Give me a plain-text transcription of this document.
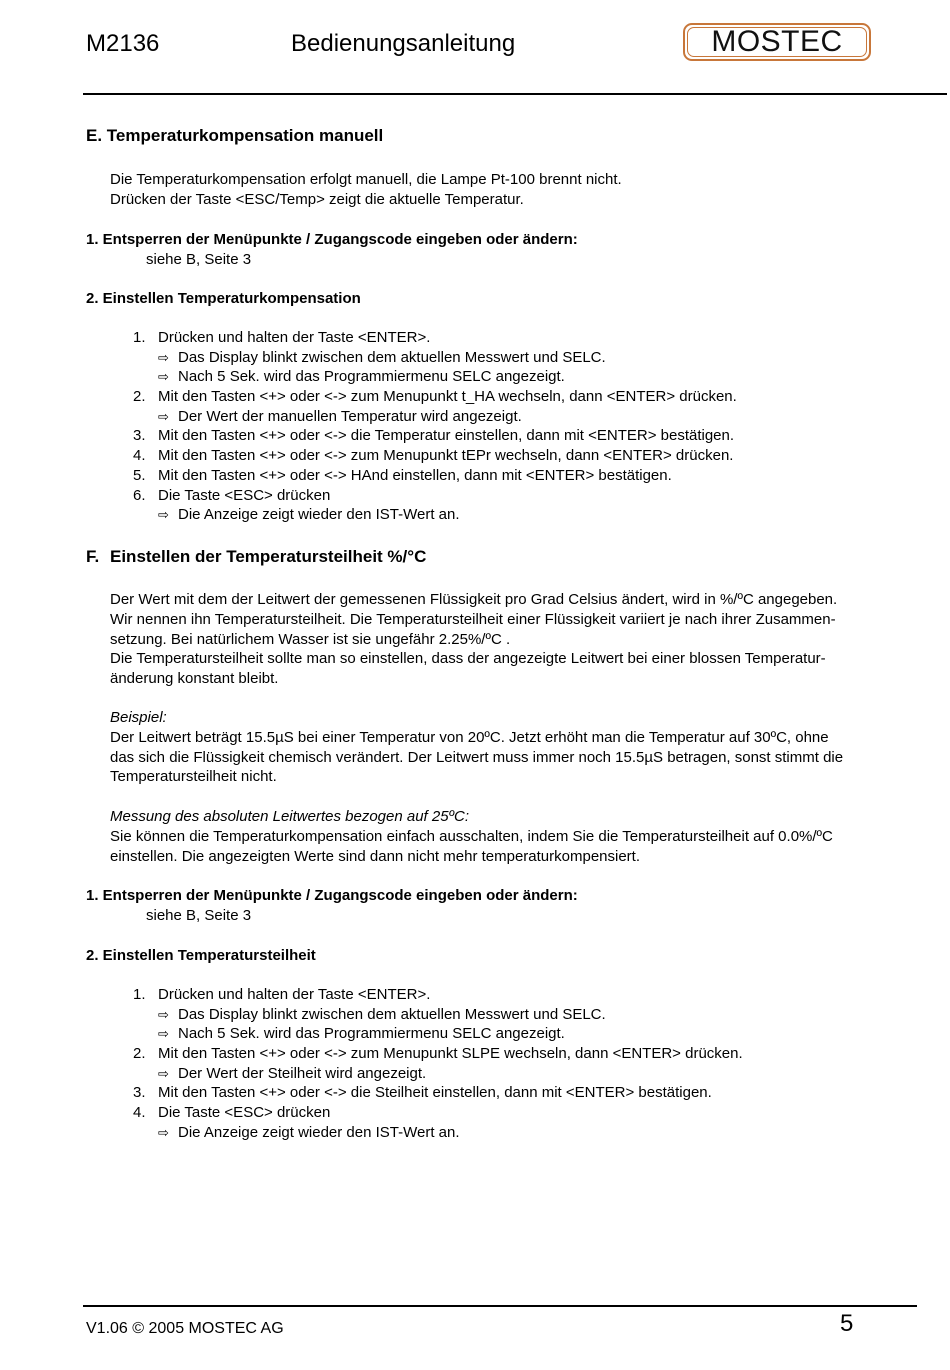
M2136	Bedienungsanleitung	MOSTEC
E. Temperaturkompensation manuell
Die Temperaturkompensation erfolgt manuell, die Lampe Pt-100 brennt nicht.
Drücken der Taste <ESC/Temp> zeigt die aktuelle Temperatur.
1. Entsperren der Menüpunkte / Zugangscode eingeben oder ändern:
siehe B, Seite 3
2. Einstellen Temperaturkompensation
1. Drücken und halten der Taste <ENTER>.
⇨ Das Display blinkt zwischen dem aktuellen Messwert und SELC.
⇨ Nach 5 Sek. wird das Programmiermenu SELC angezeigt.
2. Mit den Tasten <+> oder <-> zum Menupunkt t_HA wechseln, dann <ENTER> drücken.
⇨ Der Wert der manuellen Temperatur wird angezeigt.
3. Mit den Tasten <+> oder <-> die Temperatur einstellen, dann mit <ENTER> bestätigen.
4. Mit den Tasten <+> oder <-> zum Menupunkt tEPr wechseln, dann <ENTER> drücken.
5. Mit den Tasten <+> oder <-> HAnd einstellen, dann mit <ENTER> bestätigen.
6. Die Taste <ESC> drücken
⇨ Die Anzeige zeigt wieder den IST-Wert an.
F. Einstellen der Temperatursteilheit %/°C
Der Wert mit dem der Leitwert der gemessenen Flüssigkeit pro Grad Celsius ändert, wird in %/ºC angegeben.
Wir nennen ihn Temperatursteilheit. Die Temperatursteilheit einer Flüssigkeit variiert je nach ihrer Zusammen-
setzung. Bei natürlichem Wasser ist sie ungefähr 2.25%/ºC .
Die Temperatursteilheit sollte man so einstellen, dass der angezeigte Leitwert bei einer blossen Temperatur-
änderung konstant bleibt.
Beispiel:
Der Leitwert beträgt 15.5µS bei einer Temperatur von 20ºC. Jetzt erhöht man die Temperatur auf 30ºC, ohne
das sich die Flüssigkeit chemisch verändert. Der Leitwert muss immer noch 15.5µS betragen, sonst stimmt die
Temperatursteilheit nicht.
Messung des absoluten Leitwertes bezogen auf 25ºC:
Sie können die Temperaturkompensation einfach ausschalten, indem Sie die Temperatursteilheit auf 0.0%/ºC
einstellen. Die angezeigten Werte sind dann nicht mehr temperaturkompensiert.
1. Entsperren der Menüpunkte / Zugangscode eingeben oder ändern:
siehe B, Seite 3
2. Einstellen Temperatursteilheit
1. Drücken und halten der Taste <ENTER>.
⇨ Das Display blinkt zwischen dem aktuellen Messwert und SELC.
⇨ Nach 5 Sek. wird das Programmiermenu SELC angezeigt.
2. Mit den Tasten <+> oder <-> zum Menupunkt SLPE wechseln, dann <ENTER> drücken.
⇨ Der Wert der Steilheit wird angezeigt.
3. Mit den Tasten <+> oder <-> die Steilheit einstellen, dann mit <ENTER> bestätigen.
4. Die Taste <ESC> drücken
⇨ Die Anzeige zeigt wieder den IST-Wert an.
V1.06 © 2005 MOSTEC AG	5
